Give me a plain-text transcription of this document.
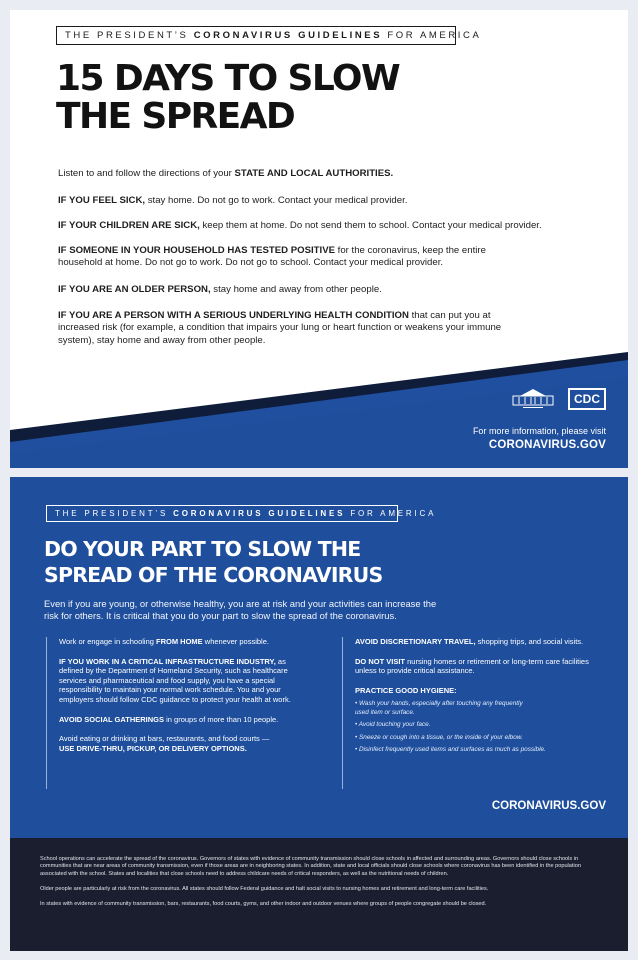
THE PRESIDENT’S CORONAVIRUS GUIDELINES FOR AMERICA
15 DAYS TO SLOW
THE SPREAD

Listen to and follow the directions of your STATE AND LOCAL AUTHORITIES.

IF YOU FEEL SICK, stay home. Do not go to work. Contact your medical provider.

IF YOUR CHILDREN ARE SICK, keep them at home. Do not send them to school. Contact your medical provider.

IF SOMEONE IN YOUR HOUSEHOLD HAS TESTED POSITIVE for the coronavirus, keep the entire household at home. Do not go to work. Do not go to school. Contact your medical provider.

IF YOU ARE AN OLDER PERSON, stay home and away from other people.

IF YOU ARE A PERSON WITH A SERIOUS UNDERLYING HEALTH CONDITION that can put you at increased risk (for example, a condition that impairs your lung or heart function or weakens your immune system), stay home and away from other people.

CDC
For more information, please visit
CORONAVIRUS.GOV
THE PRESIDENT’S CORONAVIRUS GUIDELINES FOR AMERICA
DO YOUR PART TO SLOW THE
SPREAD OF THE CORONAVIRUS

Even if you are young, or otherwise healthy, you are at risk and your activities can increase the risk for others. It is critical that you do your part to slow the spread of the coronavirus.

Work or engage in schooling FROM HOME whenever possible.

IF YOU WORK IN A CRITICAL INFRASTRUCTURE INDUSTRY, as defined by the Department of Homeland Security, such as healthcare services and pharmaceutical and food supply, you have a special responsibility to maintain your normal work schedule. You and your employers should follow CDC guidance to protect your health at work.

AVOID SOCIAL GATHERINGS in groups of more than 10 people.

Avoid eating or drinking at bars, restaurants, and food courts —
USE DRIVE-THRU, PICKUP, OR DELIVERY OPTIONS.

AVOID DISCRETIONARY TRAVEL, shopping trips, and social visits.

DO NOT VISIT nursing homes or retirement or long-term care facilities unless to provide critical assistance.

PRACTICE GOOD HYGIENE:

• Wash your hands, especially after touching any frequently used item or surface.

• Avoid touching your face.

• Sneeze or cough into a tissue, or the inside of your elbow.

• Disinfect frequently used items and surfaces as much as possible.

CORONAVIRUS.GOV

School operations can accelerate the spread of the coronavirus. Governors of states with evidence of community transmission should close schools in affected and surrounding areas. Governors should close schools in communities that are near areas of community transmission, even if those areas are in neighboring states. In addition, state and local officials should close schools where coronavirus has been identified in the population associated with the school. States and localities that close schools need to address childcare needs of critical responders, as well as the nutritional needs of children.

Older people are particularly at risk from the coronavirus. All states should follow Federal guidance and halt social visits to nursing homes and retirement and long-term care facilities.

In states with evidence of community transmission, bars, restaurants, food courts, gyms, and other indoor and outdoor venues where groups of people congregate should be closed.
